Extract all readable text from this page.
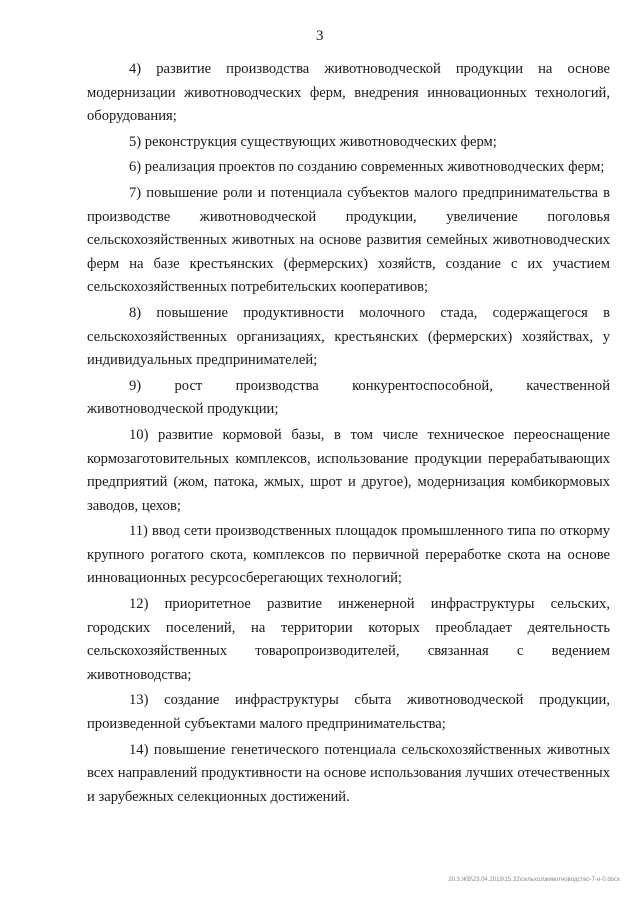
3

4) развитие производства животноводческой продукции на основе модернизации животноводческих ферм, внедрения инновационных технологий, оборудования;

5) реконструкция существующих животноводческих ферм;

6) реализация проектов по созданию современных животноводческих ферм;

7) повышение роли и потенциала субъектов малого предпринимательства в производстве животноводческой продукции, увеличение поголовья сельскохозяйственных животных на основе развития семейных животноводческих ферм на базе крестьянских (фермерских) хозяйств, создание с их участием сельскохозяйственных потребительских кооперативов;

8) повышение продуктивности молочного стада, содержащегося в сельскохозяйственных организациях, крестьянских (фермерских) хозяйствах, у индивидуальных предпринимателей;

9) рост производства конкурентоспособной, качественной животноводческой продукции;

10) развитие кормовой базы, в том числе техническое переоснащение кормозаготовительных комплексов, использование продукции перерабатывающих предприятий (жом, патока, жмых, шрот и другое), модернизация комбикормовых заводов, цехов;

11) ввод сети производственных площадок промышленного типа по откорму крупного рогатого скота, комплексов по первичной переработке скота на основе инновационных ресурсосберегающих технологий;

12) приоритетное развитие инженерной инфраструктуры сельских, городских поселений, на территории которых преобладает деятельность сельскохозяйственных товаропроизводителей, связанная с ведением животноводства;

13) создание инфраструктуры сбыта животноводческой продукции, произведенной субъектами малого предпринимательства;

14) повышение генетического потенциала сельскохозяйственных животных всех направлений продуктивности на основе использования лучших отечественных и зарубежных селекционных достижений.

20.3.ЖВ\23.04.2018\15.32\сельхоз\животноводство-7-и-0.docx
